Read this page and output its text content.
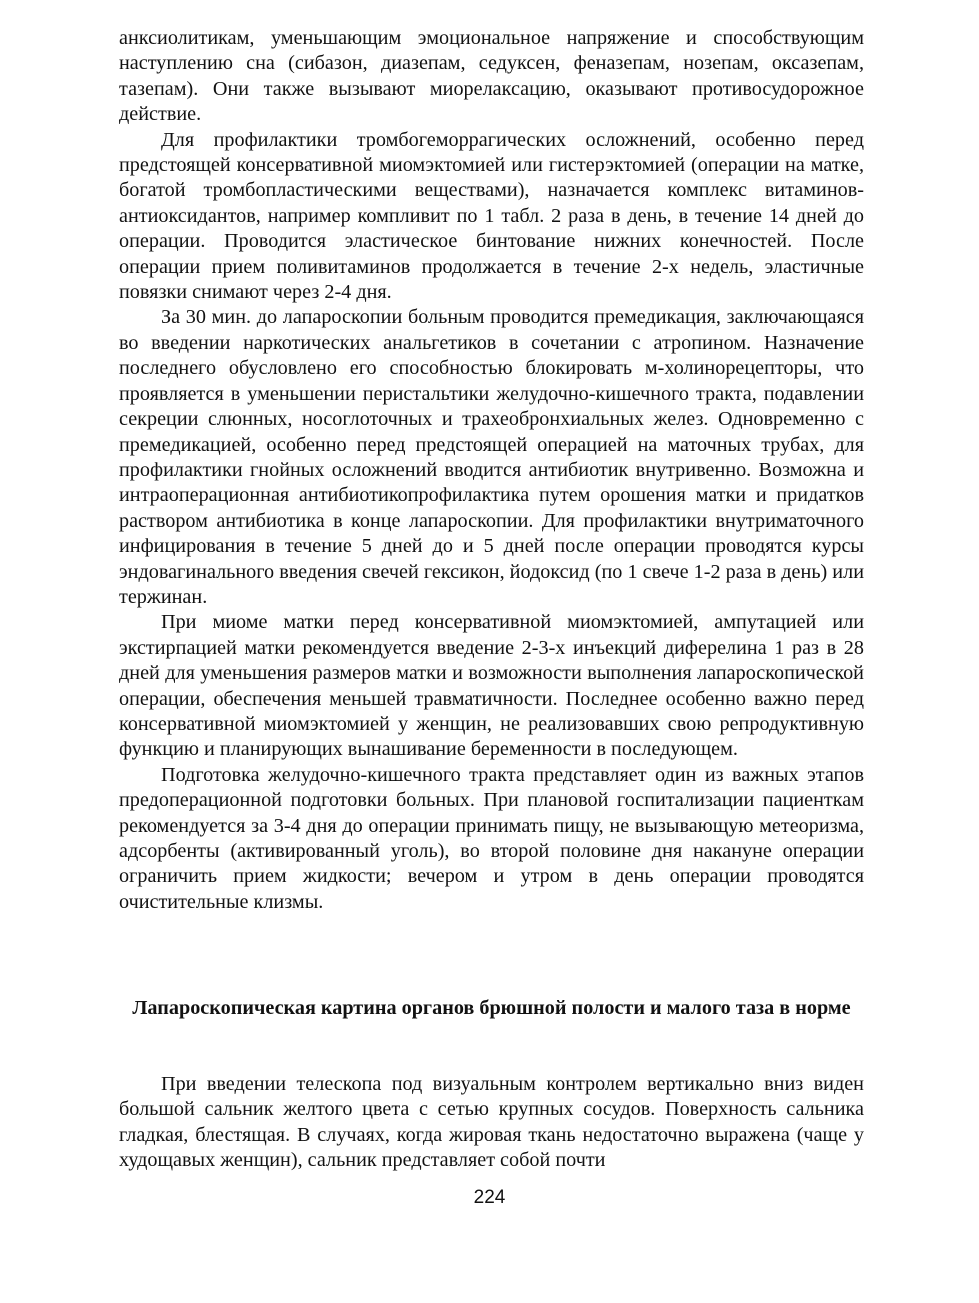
анксиолитикам, уменьшающим эмоциональное напряжение и способствующим наступлению сна (сибазон, диазепам, седуксен, феназепам, нозепам, оксазепам, тазепам). Они также вызывают миорелаксацию, оказывают противосудорожное действие.

Для профилактики тромбогеморрагических осложнений, особенно перед предстоящей консервативной миомэктомией или гистерэктомией (операции на матке, богатой тромбопластическими веществами), назначается комплекс витаминов-антиоксидантов, например компливит по 1 табл. 2 раза в день, в течение 14 дней до операции. Проводится эластическое бинтование нижних конечностей. После операции прием поливитаминов продолжается в течение 2-х недель, эластичные повязки снимают через 2-4 дня.

За 30 мин. до лапароскопии больным проводится премедикация, заключающаяся во введении наркотических анальгетиков в сочетании с атропином. Назначение последнего обусловлено его способностью блокировать м-холинорецепторы, что проявляется в уменьшении перистальтики желудочно-кишечного тракта, подавлении секреции слюнных, носоглоточных и трахеобронхиальных желез. Одновременно с премедикацией, особенно перед предстоящей операцией на маточных трубах, для профилактики гнойных осложнений вводится антибиотик внутривенно. Возможна и интраоперационная антибиотикопрофилактика путем орошения матки и придатков раствором антибиотика в конце лапароскопии. Для профилактики внутриматочного инфицирования в течение 5 дней до и 5 дней после операции проводятся курсы эндовагинального введения свечей гексикон, йодоксид (по 1 свече 1-2 раза в день) или тержинан.

При миоме матки перед консервативной миомэктомией, ампутацией или экстирпацией матки рекомендуется введение 2-3-х инъекций диферелина 1 раз в 28 дней для уменьшения размеров матки и возможности выполнения лапароскопической операции, обеспечения меньшей травматичности. Последнее особенно важно перед консервативной миомэктомией у женщин, не реализовавших свою репродуктивную функцию и планирующих вынашивание беременности в последующем.

Подготовка желудочно-кишечного тракта представляет один из важных этапов предоперационной подготовки больных. При плановой госпитализации пациенткам рекомендуется за 3-4 дня до операции принимать пищу, не вызывающую метеоризма, адсорбенты (активированный уголь), во второй половине дня накануне операции ограничить прием жидкости; вечером и утром в день операции проводятся очистительные клизмы.

Лапароскопическая картина органов брюшной полости и малого таза в норме

При введении телескопа под визуальным контролем вертикально вниз виден большой сальник желтого цвета с сетью крупных сосудов. Поверхность сальника гладкая, блестящая. В случаях, когда жировая ткань недостаточно выражена (чаще у худощавых женщин), сальник представляет собой почти

224
